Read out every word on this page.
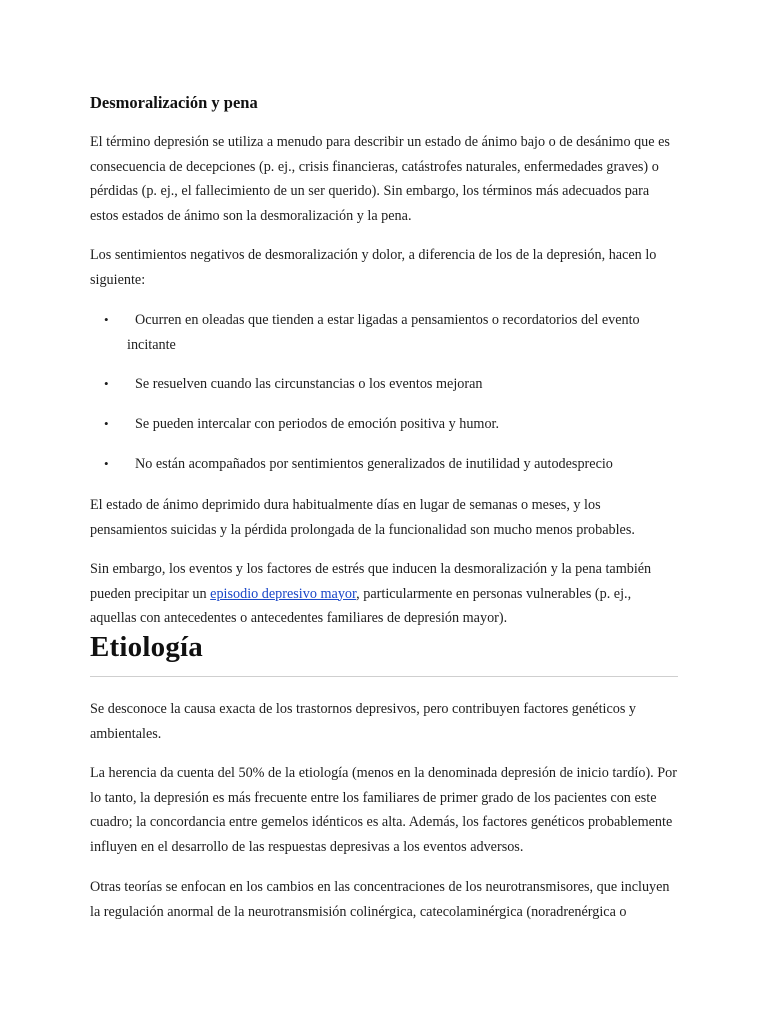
Desmoralización y pena

El término depresión se utiliza a menudo para describir un estado de ánimo bajo o de desánimo que es consecuencia de decepciones (p. ej., crisis financieras, catástrofes naturales, enfermedades graves) o pérdidas (p. ej., el fallecimiento de un ser querido). Sin embargo, los términos más adecuados para estos estados de ánimo son la desmoralización y la pena.

Los sentimientos negativos de desmoralización y dolor, a diferencia de los de la depresión, hacen lo siguiente:

•	Ocurren en oleadas que tienden a estar ligadas a pensamientos o recordatorios del evento incitante
•	Se resuelven cuando las circunstancias o los eventos mejoran
•	Se pueden intercalar con periodos de emoción positiva y humor.
• No están acompañados por sentimientos generalizados de inutilidad y autodesprecio

El estado de ánimo deprimido dura habitualmente días en lugar de semanas o meses, y los pensamientos suicidas y la pérdida prolongada de la funcionalidad son mucho menos probables.

Sin embargo, los eventos y los factores de estrés que inducen la desmoralización y la pena también pueden precipitar un episodio depresivo mayor, particularmente en personas vulnerables (p. ej., aquellas con antecedentes o antecedentes familiares de depresión mayor).

Etiología

Se desconoce la causa exacta de los trastornos depresivos, pero contribuyen factores genéticos y ambientales.

La herencia da cuenta del 50% de la etiología (menos en la denominada depresión de inicio tardío). Por lo tanto, la depresión es más frecuente entre los familiares de primer grado de los pacientes con este cuadro; la concordancia entre gemelos idénticos es alta. Además, los factores genéticos probablemente influyen en el desarrollo de las respuestas depresivas a los eventos adversos.

Otras teorías se enfocan en los cambios en las concentraciones de los neurotransmisores, que incluyen la regulación anormal de la neurotransmisión colinérgica, catecolaminérgica (noradrenérgica o
